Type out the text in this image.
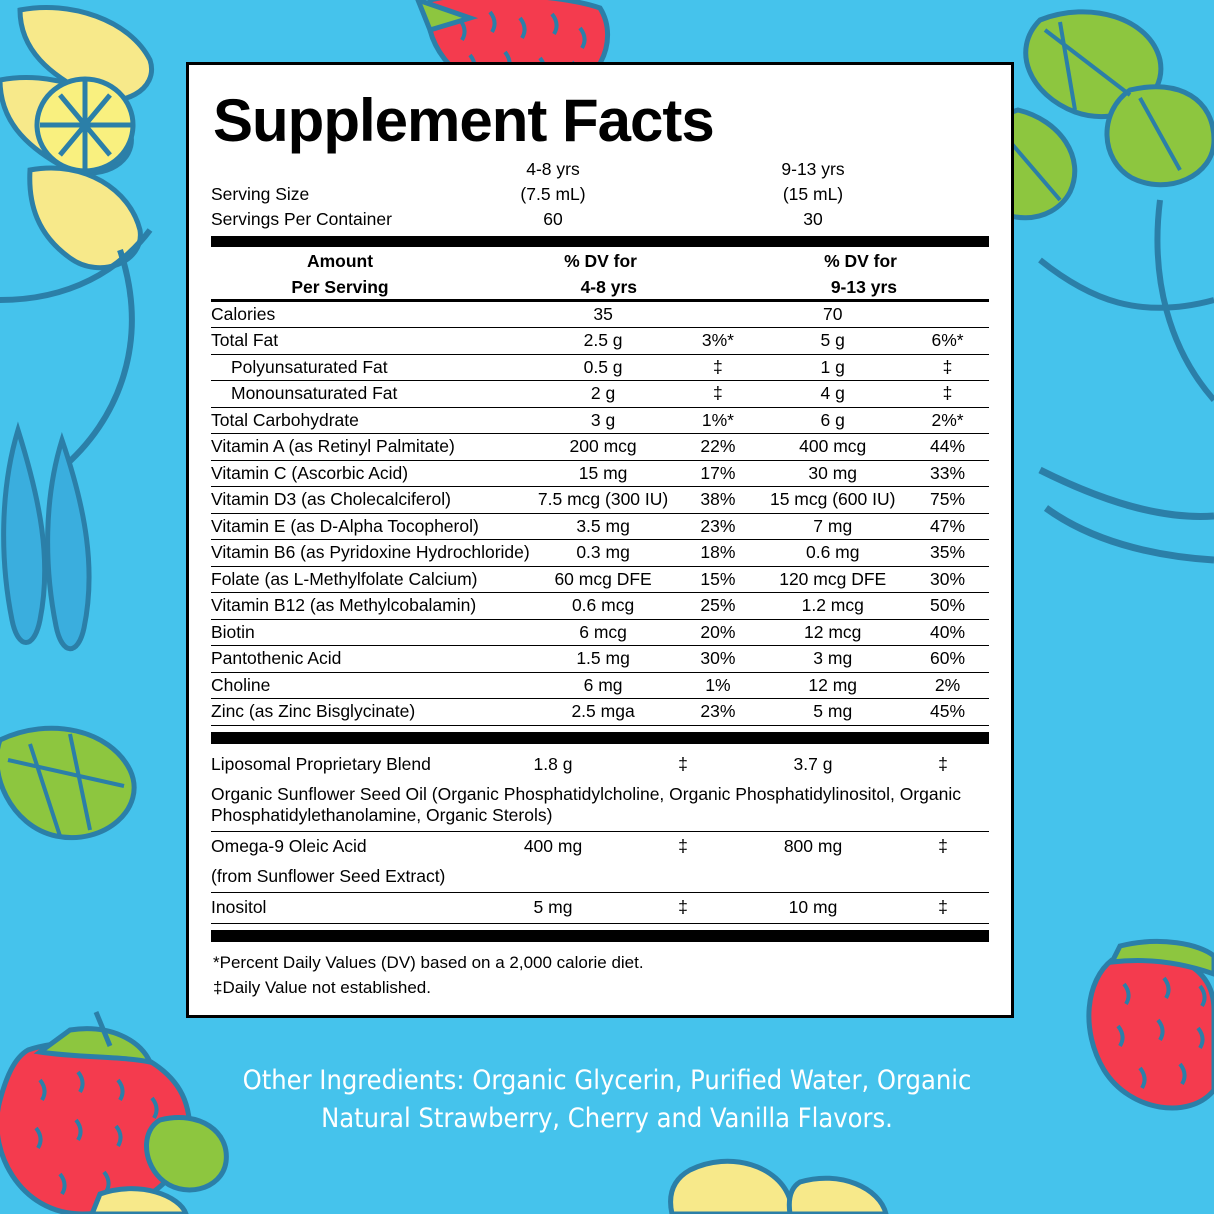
Supplement Facts
	4-8 yrs		9-13 yrs	
Serving Size	(7.5 mL)		(15 mL)	
Servings Per Container	60		30	
Amount	% DV for		% DV for	
Per Serving	4-8 yrs		9-13 yrs	
Calories	35		70	
Total Fat	2.5 g	3%*	5 g	6%*
Polyunsaturated Fat	0.5 g	‡	1 g	‡
Monounsaturated Fat	2 g	‡	4 g	‡
Total Carbohydrate	3 g	1%*	6 g	2%*
Vitamin A (as Retinyl Palmitate)	200 mcg	22%	400 mcg	44%
Vitamin C (Ascorbic Acid)	15 mg	17%	30 mg	33%
Vitamin D3 (as Cholecalciferol)	7.5 mcg (300 IU)	38%	15 mcg (600 IU)	75%
Vitamin E (as D-Alpha Tocopherol)	3.5 mg	23%	7 mg	47%
Vitamin B6 (as Pyridoxine Hydrochloride)	0.3 mg	18%	0.6 mg	35%
Folate (as L-Methylfolate Calcium)	60 mcg DFE	15%	120 mcg DFE	30%
Vitamin B12 (as Methylcobalamin)	0.6 mcg	25%	1.2 mcg	50%
Biotin	6 mcg	20%	12 mcg	40%
Pantothenic Acid	1.5 mg	30%	3 mg	60%
Choline	6 mg	1%	12 mg	2%
Zinc (as Zinc Bisglycinate)	2.5 mga	23%	5 mg	45%
Liposomal Proprietary Blend	1.8 g	‡	3.7 g	‡
Organic Sunflower Seed Oil (Organic Phosphatidylcholine, Organic Phosphatidylinositol, Organic Phosphatidylethanolamine, Organic Sterols)				
Omega-9 Oleic Acid	400 mg	‡	800 mg	‡
(from Sunflower Seed Extract)				
Inositol	5 mg	‡	10 mg	‡
*Percent Daily Values (DV) based on a 2,000 calorie diet.
‡Daily Value not established.
Other Ingredients: Organic Glycerin, Purified Water, Organic
Natural Strawberry, Cherry and Vanilla Flavors.
